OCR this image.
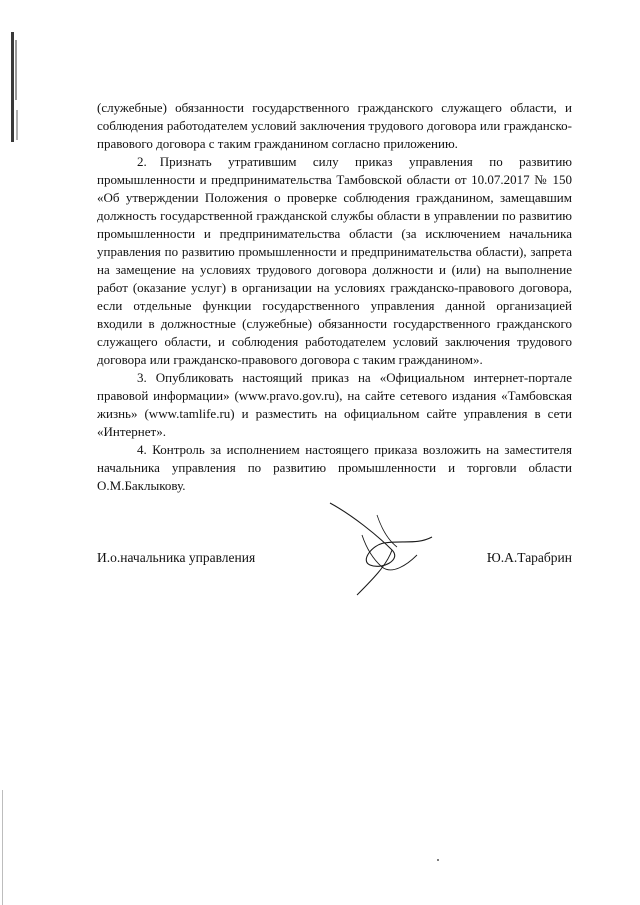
(служебные) обязанности государственного гражданского служащего области, и соблюдения работодателем условий заключения трудового договора или гражданско-правового договора с таким гражданином согласно приложению.

2. Признать утратившим силу приказ управления по развитию промышленности и предпринимательства Тамбовской области от 10.07.2017 № 150 «Об утверждении Положения о проверке соблюдения гражданином, замещавшим должность государственной гражданской службы области в управлении по развитию промышленности и предпринимательства области (за исключением начальника управления по развитию промышленности и предпринимательства области), запрета на замещение на условиях трудового договора должности и (или) на выполнение работ (оказание услуг) в организации на условиях гражданско-правового договора, если отдельные функции государственного управления данной организацией входили в должностные (служебные) обязанности государственного гражданского служащего области, и соблюдения работодателем условий заключения трудового договора или гражданско-правового договора с таким гражданином».

3. Опубликовать настоящий приказ на «Официальном интернет-портале правовой информации» (www.pravo.gov.ru), на сайте сетевого издания «Тамбовская жизнь» (www.tamlife.ru) и разместить на официальном сайте управления в сети «Интернет».

4. Контроль за исполнением настоящего приказа возложить на заместителя начальника управления по развитию промышленности и торговли области О.М.Баклыкову.

И.о.начальника управления	Ю.А.Тарабрин
